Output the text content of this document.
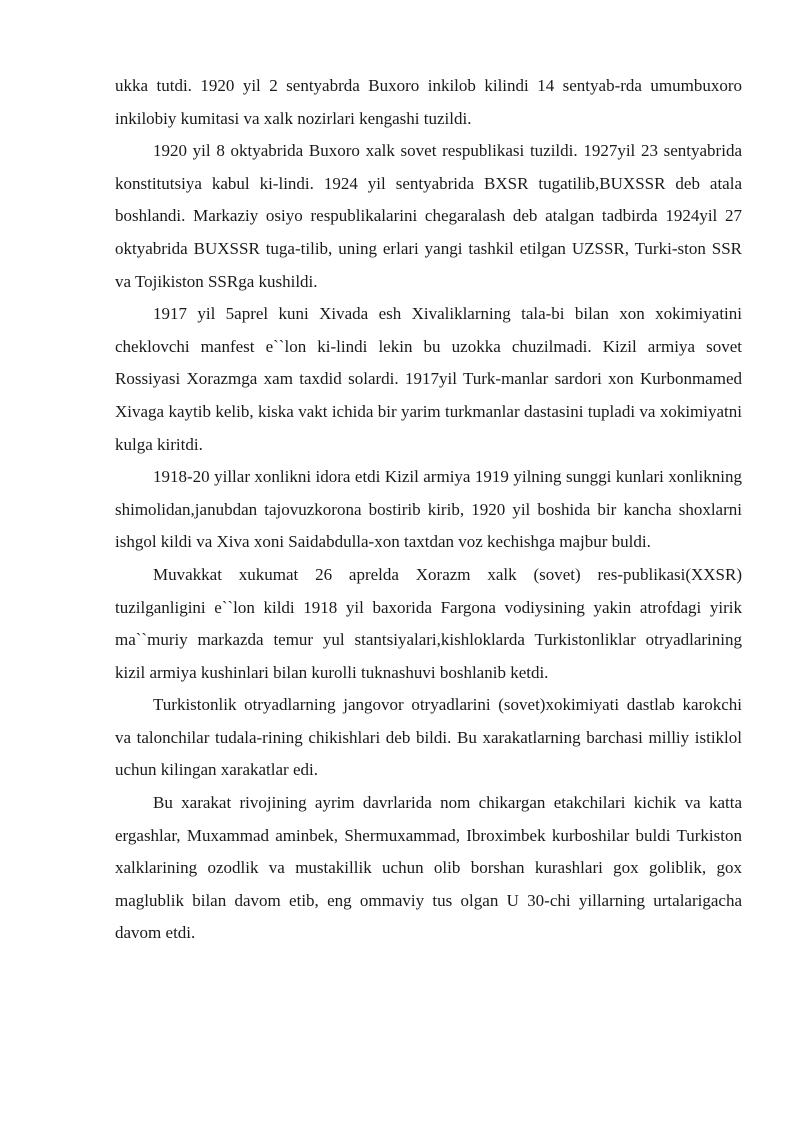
ukka tutdi. 1920 yil 2 sentyabrda Buxoro inkilob kilindi 14 sentyab-rda umumbuxoro inkilobiy kumitasi va xalk nozirlari kengashi tuzildi.

1920 yil 8 oktyabrida Buxoro xalk sovet respublikasi tuzildi. 1927yil 23 sentyabrida konstitutsiya kabul ki-lindi. 1924 yil sentyabrida BXSR tugatilib,BUXSSR deb atala boshlandi. Markaziy osiyo respublikalarini chegaralash deb atalgan tadbirda 1924yil 27 oktyabrida BUXSSR tuga-tilib, uning erlari yangi tashkil etilgan UZSSR, Turki-ston SSR va Tojikiston SSRga kushildi.

1917 yil 5aprel kuni Xivada esh Xivaliklarning tala-bi bilan xon xokimiyatini cheklovchi manfest e``lon ki-lindi lekin bu uzokka chuzilmadi. Kizil armiya sovet Rossiyasi Xorazmga xam taxdid solardi. 1917yil Turk-manlar sardori xon Kurbonmamed Xivaga kaytib kelib, kiska vakt ichida bir yarim turkmanlar dastasini tupladi va xokimiyatni kulga kiritdi.

1918-20 yillar xonlikni idora etdi Kizil armiya 1919 yilning sunggi kunlari xonlikning shimolidan,janubdan tajovuzkorona bostirib kirib, 1920 yil boshida bir kancha shoxlarni ishgol kildi va Xiva xoni Saidabdulla-xon taxtdan voz kechishga majbur buldi.

Muvakkat xukumat 26 aprelda Xorazm xalk (sovet) res-publikasi(XXSR) tuzilganligini e``lon kildi 1918 yil baxorida Fargona vodiysining yakin atrofdagi yirik ma``muriy markazda temur yul stantsiyalari,kishloklarda Turkistonliklar otryadlarining kizil armiya kushinlari bilan kurolli tuknashuvi boshlanib ketdi.

Turkistonlik otryadlarning jangovor otryadlarini (sovet)xokimiyati dastlab karokchi va talonchilar tudala-rining chikishlari deb bildi. Bu xarakatlarning barchasi milliy istiklol uchun kilingan xarakatlar edi.

Bu xarakat rivojining ayrim davrlarida nom chikargan etakchilari kichik va katta ergashlar, Muxammad aminbek, Shermuxammad, Ibroximbek kurboshilar buldi Turkiston xalklarining ozodlik va mustakillik uchun olib borshan kurashlari gox goliblik, gox maglublik bilan davom etib, eng ommaviy tus olgan U 30-chi yillarning urtalarigacha davom etdi.
